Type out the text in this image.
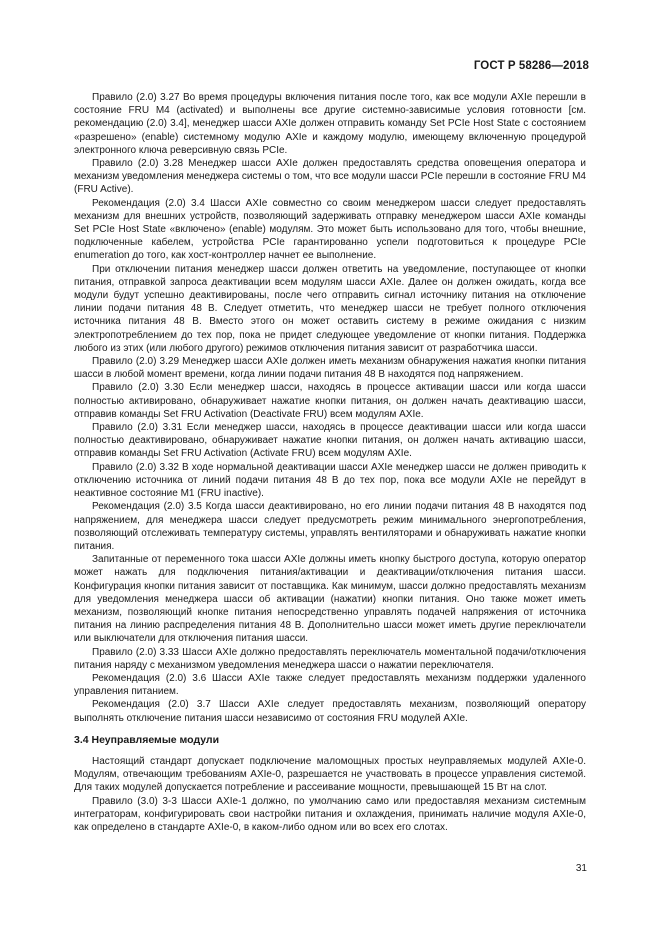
ГОСТ Р 58286—2018

Правило (2.0) 3.27 Во время процедуры включения питания после того, как все модули AXIe перешли в состояние FRU M4 (activated) и выполнены все другие системно-зависимые условия готовности [см. рекомендацию (2.0) 3.4], менеджер шасси AXIe должен отправить команду Set PCIe Host State с состоянием «разрешено» (enable) системному модулю AXIe и каждому модулю, имеющему включенную процедурой электронного ключа реверсивную связь PCIe.

Правило (2.0) 3.28 Менеджер шасси AXIe должен предоставлять средства оповещения оператора и механизм уведомления менеджера системы о том, что все модули шасси PCIe перешли в состояние FRU M4 (FRU Active).

Рекомендация (2.0) 3.4 Шасси AXIe совместно со своим менеджером шасси следует предоставлять механизм для внешних устройств, позволяющий задерживать отправку менеджером шасси AXIe команды Set PCIe Host State «включено» (enable) модулям. Это может быть использовано для того, чтобы внешние, подключенные кабелем, устройства PCIe гарантированно успели подготовиться к процедуре PCIe enumeration до того, как хост-контроллер начнет ее выполнение.

При отключении питания менеджер шасси должен ответить на уведомление, поступающее от кнопки питания, отправкой запроса деактивации всем модулям шасси AXIe. Далее он должен ожидать, когда все модули будут успешно деактивированы, после чего отправить сигнал источнику питания на отключение линии подачи питания 48 В. Следует отметить, что менеджер шасси не требует полного отключения источника питания 48 В. Вместо этого он может оставить систему в режиме ожидания с низким электропотреблением до тех пор, пока не придет следующее уведомление от кнопки питания. Поддержка любого из этих (или любого другого) режимов отключения питания зависит от разработчика шасси.

Правило (2.0) 3.29 Менеджер шасси AXIe должен иметь механизм обнаружения нажатия кнопки питания шасси в любой момент времени, когда линии подачи питания 48 В находятся под напряжением.

Правило (2.0) 3.30 Если менеджер шасси, находясь в процессе активации шасси или когда шасси полностью активировано, обнаруживает нажатие кнопки питания, он должен начать деактивацию шасси, отправив команды Set FRU Activation (Deactivate FRU) всем модулям AXIe.

Правило (2.0) 3.31 Если менеджер шасси, находясь в процессе деактивации шасси или когда шасси полностью деактивировано, обнаруживает нажатие кнопки питания, он должен начать активацию шасси, отправив команды Set FRU Activation (Activate FRU) всем модулям AXIe.

Правило (2.0) 3.32 В ходе нормальной деактивации шасси AXIe менеджер шасси не должен приводить к отключению источника от линий подачи питания 48 В до тех пор, пока все модули AXIe не перейдут в неактивное состояние M1 (FRU inactive).

Рекомендация (2.0) 3.5 Когда шасси деактивировано, но его линии подачи питания 48 В находятся под напряжением, для менеджера шасси следует предусмотреть режим минимального энергопотребления, позволяющий отслеживать температуру системы, управлять вентиляторами и обнаруживать нажатие кнопки питания.

Запитанные от переменного тока шасси AXIe должны иметь кнопку быстрого доступа, которую оператор может нажать для подключения питания/активации и деактивации/отключения питания шасси. Конфигурация кнопки питания зависит от поставщика. Как минимум, шасси должно предоставлять механизм для уведомления менеджера шасси об активации (нажатии) кнопки питания. Оно также может иметь механизм, позволяющий кнопке питания непосредственно управлять подачей напряжения от источника питания на линию распределения питания 48 В. Дополнительно шасси может иметь другие переключатели или выключатели для отключения питания шасси.

Правило (2.0) 3.33 Шасси AXIe должно предоставлять переключатель моментальной подачи/отключения питания наряду с механизмом уведомления менеджера шасси о нажатии переключателя.

Рекомендация (2.0) 3.6 Шасси AXIe также следует предоставлять механизм поддержки удаленного управления питанием.

Рекомендация (2.0) 3.7 Шасси AXIe следует предоставлять механизм, позволяющий оператору выполнять отключение питания шасси независимо от состояния FRU модулей AXIe.

3.4 Неуправляемые модули

Настоящий стандарт допускает подключение маломощных простых неуправляемых модулей AXIe-0. Модулям, отвечающим требованиям AXIe-0, разрешается не участвовать в процессе управления системой. Для таких модулей допускается потребление и рассеивание мощности, превышающей 15 Вт на слот.

Правило (3.0) 3-3 Шасси AXIe-1 должно, по умолчанию само или предоставляя механизм системным интеграторам, конфигурировать свои настройки питания и охлаждения, принимать наличие модуля AXIe-0, как определено в стандарте AXIe-0, в каком-либо одном или во всех его слотах.

31
